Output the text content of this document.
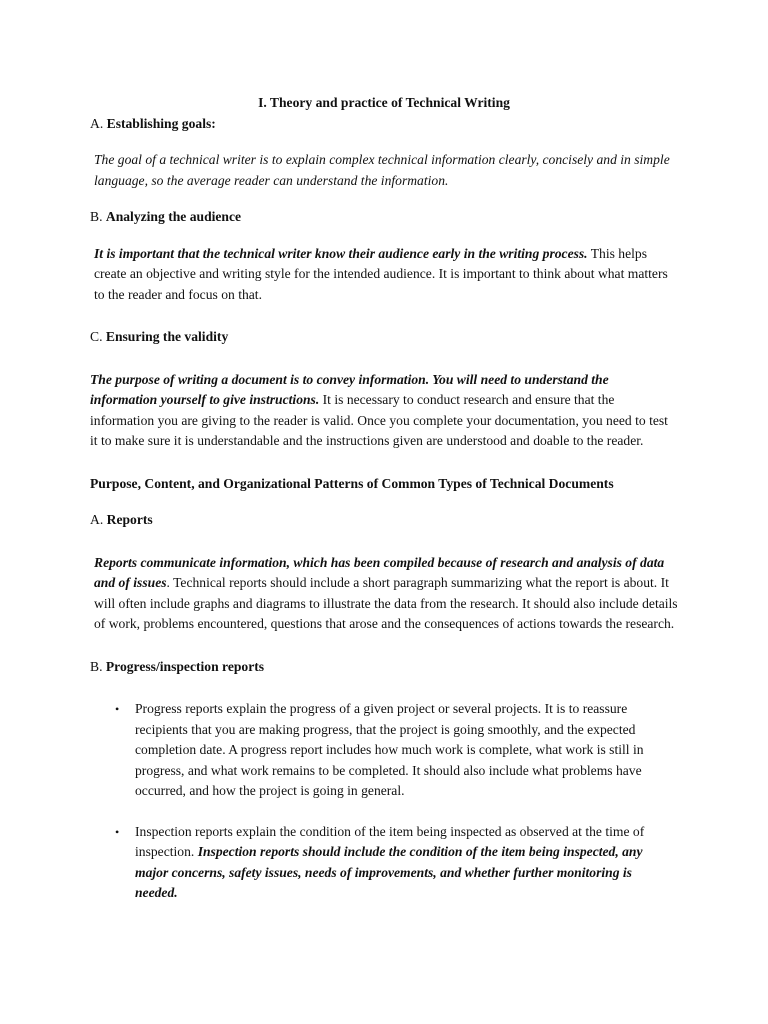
I. Theory and practice of Technical Writing

A. Establishing goals:

The goal of a technical writer is to explain complex technical information clearly, concisely and in simple language, so the average reader can understand the information.

B. Analyzing the audience

It is important that the technical writer know their audience early in the writing process. This helps create an objective and writing style for the intended audience. It is important to think about what matters to the reader and focus on that.

C. Ensuring the validity

The purpose of writing a document is to convey information. You will need to understand the information yourself to give instructions. It is necessary to conduct research and ensure that the information you are giving to the reader is valid. Once you complete your documentation, you need to test it to make sure it is understandable and the instructions given are understood and doable to the reader.

Purpose, Content, and Organizational Patterns of Common Types of Technical Documents

A. Reports

Reports communicate information, which has been compiled because of research and analysis of data and of issues. Technical reports should include a short paragraph summarizing what the report is about. It will often include graphs and diagrams to illustrate the data from the research. It should also include details of work, problems encountered, questions that arose and the consequences of actions towards the research.

B. Progress/inspection reports

• Progress reports explain the progress of a given project or several projects. It is to reassure recipients that you are making progress, that the project is going smoothly, and the expected completion date. A progress report includes how much work is complete, what work is still in progress, and what work remains to be completed. It should also include what problems have occurred, and how the project is going in general.
• Inspection reports explain the condition of the item being inspected as observed at the time of inspection. Inspection reports should include the condition of the item being inspected, any major concerns, safety issues, needs of improvements, and whether further monitoring is needed.
